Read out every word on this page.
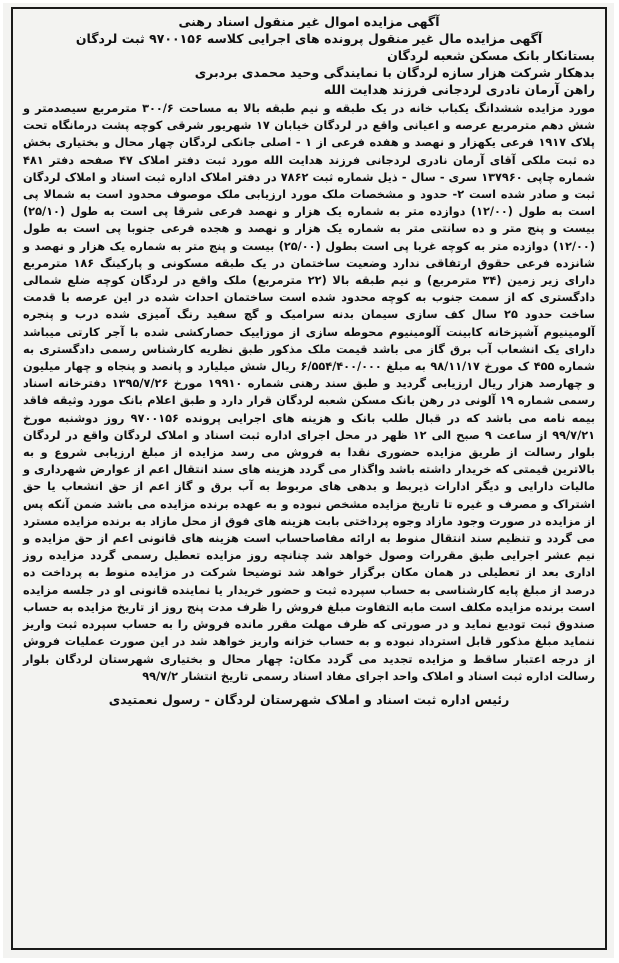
آگهی مزایده اموال غیر منقول اسناد رهنی

آگهی مزایده مال غیر منقول پرونده های اجرایی کلاسه ۹۷۰۰۱۵۶ ثبت لردگان

بستانکار بانک مسکن شعبه لردگان

بدهکار شرکت هزار سازه لردگان با نمایندگی وحید محمدی بردبری

راهن آرمان نادری لردجانی فرزند هدایت الله

مورد مزایده ششدانگ یکباب خانه در یک طبقه و نیم طبقه بالا به مساحت ۳۰۰/۶ مترمربع سیصدمتر و شش دهم مترمربع عرصه و اعیانی واقع در لردگان خیابان ۱۷ شهریور شرقی کوچه پشت درمانگاه تحت پلاک ۱۹۱۷ فرعی یکهزار و نهصد و هفده فرعی از ۱ - اصلی جانکی لردگان چهار محال و بختیاری بخش ده ثبت ملکی آقای آرمان نادری لردجانی فرزند هدایت الله مورد ثبت دفتر املاک ۴۷ صفحه دفتر ۴۸۱ شماره چاپی ۱۳۷۹۶۰ سری - سال - ذیل شماره ثبت ۷۸۶۲ در دفتر املاک اداره ثبت اسناد و املاک لردگان ثبت و صادر شده است ۲- حدود و مشخصات ملک مورد ارزیابی ملک موصوف محدود است به شمالا پی است به طول (۱۲/۰۰) دوازده متر به شماره یک هزار و نهصد فرعی شرقا پی است به طول (۲۵/۱۰) بیست و پنج متر و ده سانتی متر به شماره یک هزار و نهصد و هجده فرعی جنوبا پی است به طول (۱۲/۰۰) دوازده متر به کوچه غربا پی است بطول (۲۵/۰۰) بیست و پنج متر به شماره یک هزار و نهصد و شانزده فرعی حقوق ارتفاقی ندارد وضعیت ساختمان در یک طبقه مسکونی و پارکینگ ۱۸۶ مترمربع دارای زیر زمین (۳۴ مترمربع) و نیم طبقه بالا (۲۲ مترمربع) ملک واقع در لردگان کوچه ضلع شمالی دادگستری که از سمت جنوب به کوچه محدود شده است ساختمان احداث شده در این عرصه با قدمت ساخت حدود ۲۵ سال کف سازی سیمان بدنه سرامیک و گچ سفید رنگ آمیزی شده درب و پنجره آلومینیوم آشپزخانه کابینت آلومینیوم محوطه سازی از موزاییک حصارکشی شده با آجر کارتی میباشد دارای یک انشعاب آب برق گاز می باشد قیمت ملک مذکور طبق نظریه کارشناس رسمی دادگستری به شماره ۴۵۵ ک مورخ ۹۸/۱۱/۱۷ به مبلغ ۶/۵۵۴/۴۰۰/۰۰۰ ریال شش میلیارد و پانصد و پنجاه و چهار میلیون و چهارصد هزار ریال ارزیابی گردید و طبق سند رهنی شماره ۱۹۹۱۰ مورخ ۱۳۹۵/۷/۲۶ دفترخانه اسناد رسمی شماره ۱۹ آلونی در رهن بانک مسکن شعبه لردگان قرار دارد و طبق اعلام بانک مورد وثیقه فاقد بیمه نامه می باشد که در قبال طلب بانک و هزینه های اجرایی پرونده ۹۷۰۰۱۵۶ روز دوشنبه مورخ ۹۹/۷/۲۱ از ساعت ۹ صبح الی ۱۲ ظهر در محل اجرای اداره ثبت اسناد و املاک لردگان واقع در لردگان بلوار رسالت از طریق مزایده حضوری نقدا به فروش می رسد مزایده از مبلغ ارزیابی شروع و به بالاترین قیمتی که خریدار داشته باشد واگذار می گردد هزینه های سند انتقال اعم از عوارض شهرداری و مالیات دارایی و دیگر ادارات ذیربط و بدهی های مربوط به آب برق و گاز اعم از حق انشعاب یا حق اشتراک و مصرف و غیره تا تاریخ مزایده مشخص نبوده و به عهده برنده مزایده می باشد ضمن آنکه پس از مزایده در صورت وجود مازاد وجوه پرداختی بابت هزینه های فوق از محل مازاد به برنده مزایده مسترد می گردد و تنظیم سند انتقال منوط به ارائه مفاصاحساب است هزینه های قانونی اعم از حق مزایده و نیم عشر اجرایی طبق مقررات وصول خواهد شد چنانچه روز مزایده تعطیل رسمی گردد مزایده روز اداری بعد از تعطیلی در همان مکان برگزار خواهد شد توضیحا شرکت در مزایده منوط به پرداخت ده درصد از مبلغ پایه کارشناسی به حساب سپرده ثبت و حضور خریدار یا نماینده قانونی او در جلسه مزایده است برنده مزایده مکلف است مابه التفاوت مبلغ فروش را ظرف مدت پنج روز از تاریخ مزایده به حساب صندوق ثبت تودیع نماید و در صورتی که ظرف مهلت مقرر مانده فروش را به حساب سپرده ثبت واریز ننماید مبلغ مذکور قابل استرداد نبوده و به حساب خزانه واریز خواهد شد در این صورت عملیات فروش از درجه اعتبار ساقط و مزایده تجدید می گردد مکان: چهار محال و بختیاری شهرستان لردگان بلوار رسالت اداره ثبت اسناد و املاک واحد اجرای مفاد اسناد رسمی تاریخ انتشار ۹۹/۷/۲

رئیس اداره ثبت اسناد و املاک شهرستان لردگان - رسول نعمتیدی
